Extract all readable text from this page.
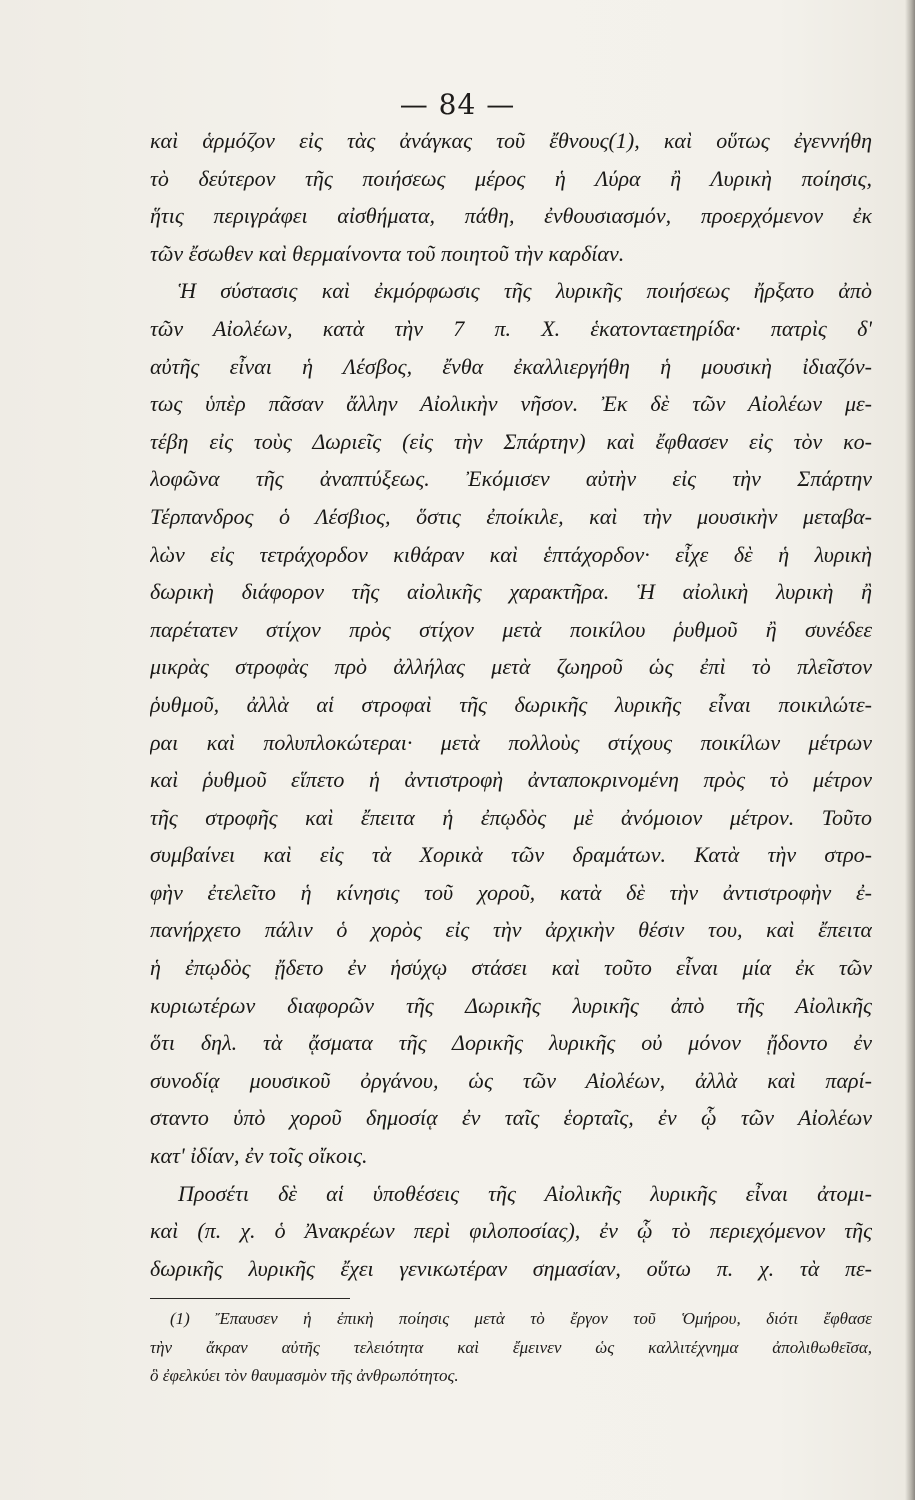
— 84 —
καὶ ἁρμόζον εἰς τὰς ἀνάγκας τοῦ ἔθνους(1), καὶ οὕτως ἐγεννήθη
τὸ δεύτερον τῆς ποιήσεως μέρος ἡ Λύρα ἢ Λυρικὴ ποίησις,
ἥτις περιγράφει αἰσθήματα, πάθη, ἐνθουσιασμόν, προερχόμενον ἐκ
τῶν ἔσωθεν καὶ θερμαίνοντα τοῦ ποιητοῦ τὴν καρδίαν.
Ἡ σύστασις καὶ ἐκμόρφωσις τῆς λυρικῆς ποιήσεως ἤρξατο ἀπὸ
τῶν Αἰολέων, κατὰ τὴν 7 π. Χ. ἑκατονταετηρίδα· πατρὶς δ'
αὐτῆς εἶναι ἡ Λέσβος, ἔνθα ἐκαλλιεργήθη ἡ μουσικὴ ἰδιαζόν-
τως ὑπὲρ πᾶσαν ἄλλην Αἰολικὴν νῆσον. Ἐκ δὲ τῶν Αἰολέων με-
τέβη εἰς τοὺς Δωριεῖς (εἰς τὴν Σπάρτην) καὶ ἔφθασεν εἰς τὸν κο-
λοφῶνα τῆς ἀναπτύξεως. Ἐκόμισεν αὐτὴν εἰς τὴν Σπάρτην
Τέρπανδρος ὁ Λέσβιος, ὅστις ἐποίκιλε, καὶ τὴν μουσικὴν μεταβα-
λὼν εἰς τετράχορδον κιθάραν καὶ ἑπτάχορδον· εἶχε δὲ ἡ λυρικὴ
δωρικὴ διάφορον τῆς αἰολικῆς χαρακτῆρα. Ἡ αἰολικὴ λυρικὴ ἢ
παρέτατεν στίχον πρὸς στίχον μετὰ ποικίλου ῥυθμοῦ ἢ συνέδεε
μικρὰς στροφὰς πρὸ ἀλλήλας μετὰ ζωηροῦ ὡς ἐπὶ τὸ πλεῖστον
ῥυθμοῦ, ἀλλὰ αἱ στροφαὶ τῆς δωρικῆς λυρικῆς εἶναι ποικιλώτε-
ραι καὶ πολυπλοκώτεραι· μετὰ πολλοὺς στίχους ποικίλων μέτρων
καὶ ῥυθμοῦ εἵπετο ἡ ἀντιστροφὴ ἀνταποκρινομένη πρὸς τὸ μέτρον
τῆς στροφῆς καὶ ἔπειτα ἡ ἐπῳδὸς μὲ ἀνόμοιον μέτρον. Τοῦτο
συμβαίνει καὶ εἰς τὰ Χορικὰ τῶν δραμάτων. Κατὰ τὴν στρο-
φὴν ἐτελεῖτο ἡ κίνησις τοῦ χοροῦ, κατὰ δὲ τὴν ἀντιστροφὴν ἐ-
πανήρχετο πάλιν ὁ χορὸς εἰς τὴν ἀρχικὴν θέσιν του, καὶ ἔπειτα
ἡ ἐπῳδὸς ᾔδετο ἐν ἡσύχῳ στάσει καὶ τοῦτο εἶναι μία ἐκ τῶν
κυριωτέρων διαφορῶν τῆς Δωρικῆς λυρικῆς ἀπὸ τῆς Αἰολικῆς
ὅτι δηλ. τὰ ᾄσματα τῆς Δορικῆς λυρικῆς οὐ μόνον ᾔδοντο ἐν
συνοδίᾳ μουσικοῦ ὀργάνου, ὡς τῶν Αἰολέων, ἀλλὰ καὶ παρί-
σταντο ὑπὸ χοροῦ δημοσίᾳ ἐν ταῖς ἑορταῖς, ἐν ᾧ τῶν Αἰολέων
κατ' ἰδίαν, ἐν τοῖς οἴκοις.
Προσέτι δὲ αἱ ὑποθέσεις τῆς Αἰολικῆς λυρικῆς εἶναι ἀτομι-
καὶ (π. χ. ὁ Ἀνακρέων περὶ φιλοποσίας), ἐν ᾧ τὸ περιεχόμενον τῆς
δωρικῆς λυρικῆς ἔχει γενικωτέραν σημασίαν, οὕτω π. χ. τὰ πε-
(1) Ἔπαυσεν ἡ ἐπικὴ ποίησις μετὰ τὸ ἔργον τοῦ Ὁμήρου, διότι ἔφθασε
τὴν ἄκραν αὐτῆς τελειότητα καὶ ἔμεινεν ὡς καλλιτέχνημα ἀπολιθωθεῖσα,
ὃ ἐφελκύει τὸν θαυμασμὸν τῆς ἀνθρωπότητος.
